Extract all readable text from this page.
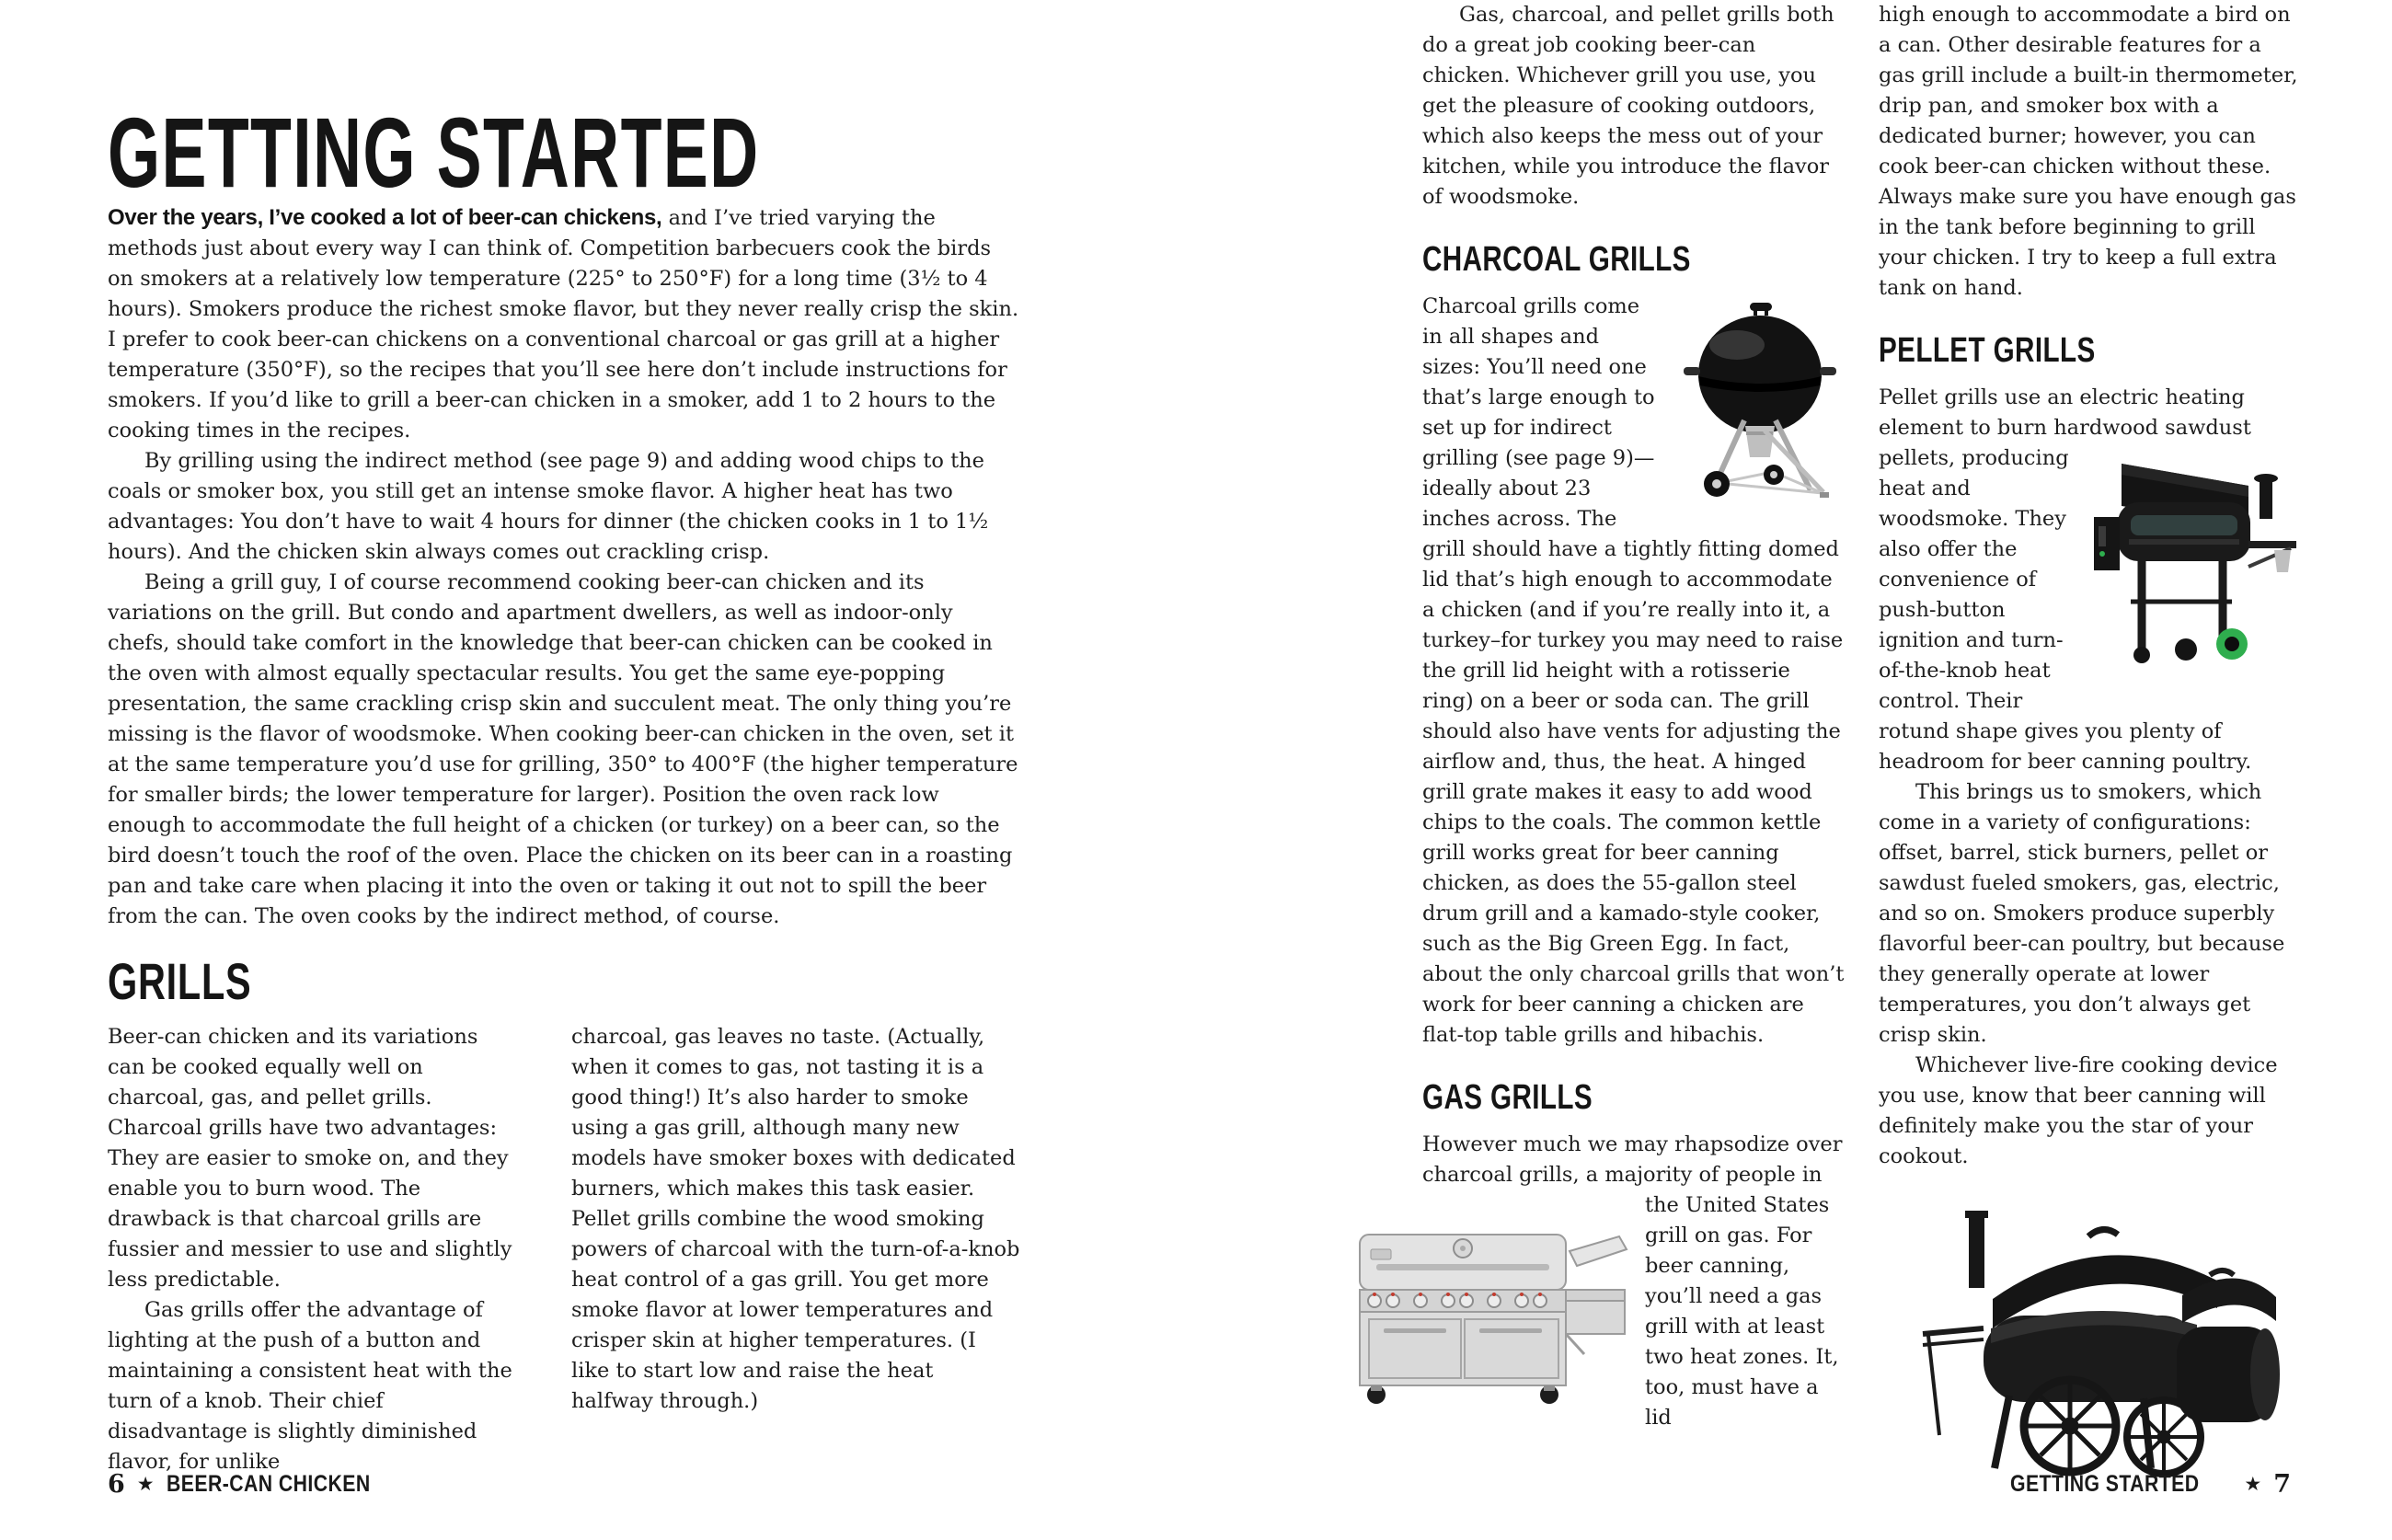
GETTING STARTED

Over the years, I’ve cooked a lot of beer-can chickens, and I’ve tried varying the methods just about every way I can think of. Competition barbecuers cook the birds on smokers at a relatively low temperature (225° to 250°F) for a long time (3½ to 4 hours). Smokers produce the richest smoke flavor, but they never really crisp the skin. I prefer to cook beer-can chickens on a conventional charcoal or gas grill at a higher temperature (350°F), so the recipes that you’ll see here don’t include instructions for smokers. If you’d like to grill a beer-can chicken in a smoker, add 1 to 2 hours to the cooking times in the recipes.

By grilling using the indirect method (see page 9) and adding wood chips to the coals or smoker box, you still get an intense smoke flavor. A higher heat has two advantages: You don’t have to wait 4 hours for dinner (the chicken cooks in 1 to 1½ hours). And the chicken skin always comes out crackling crisp.

Being a grill guy, I of course recommend cooking beer-can chicken and its variations on the grill. But condo and apartment dwellers, as well as indoor-only chefs, should take comfort in the knowledge that beer-can chicken can be cooked in the oven with almost equally spectacular results. You get the same eye-popping presentation, the same crackling crisp skin and succulent meat. The only thing you’re missing is the flavor of woodsmoke. When cooking beer-can chicken in the oven, set it at the same temperature you’d use for grilling, 350° to 400°F (the higher temperature for smaller birds; the lower temperature for larger). Position the oven rack low enough to accommodate the full height of a chicken (or turkey) on a beer can, so the bird doesn’t touch the roof of the oven. Place the chicken on its beer can in a roasting pan and take care when placing it into the oven or taking it out not to spill the beer from the can. The oven cooks by the indirect method, of course.

GRILLS

Beer-can chicken and its variations can be cooked equally well on charcoal, gas, and pellet grills. Charcoal grills have two advantages: They are easier to smoke on, and they enable you to burn wood. The drawback is that charcoal grills are fussier and messier to use and slightly less predictable.

Gas grills offer the advantage of lighting at the push of a button and maintaining a consistent heat with the turn of a knob. Their chief disadvantage is slightly diminished flavor, for unlike

charcoal, gas leaves no taste. (Actually, when it comes to gas, not tasting it is a good thing!) It’s also harder to smoke using a gas grill, although many new models have smoker boxes with dedicated burners, which makes this task easier. Pellet grills combine the wood smoking powers of charcoal with the turn-of-a-knob heat control of a gas grill. You get more smoke flavor at lower temperatures and crisper skin at higher temperatures. (I like to start low and raise the heat halfway through.)

Gas, charcoal, and pellet grills both do a great job cooking beer-can chicken. Whichever grill you use, you get the pleasure of cooking outdoors, which also keeps the mess out of your kitchen, while you introduce the flavor of woodsmoke.

CHARCOAL GRILLS

Charcoal grills come in all shapes and sizes: You’ll need one that’s large enough to set up for indirect grilling (see page 9)—ideally about 23 inches across. The grill should have a tightly fitting domed lid that’s high enough to accommodate a chicken (and if you’re really into it, a turkey–for turkey you may need to raise the grill lid height with a rotisserie ring) on a beer or soda can. The grill should also have vents for adjusting the airflow and, thus, the heat. A hinged grill grate makes it easy to add wood chips to the coals. The common kettle grill works great for beer canning chicken, as does the 55-gallon steel drum grill and a kamado-style cooker, such as the Big Green Egg. In fact, about the only charcoal grills that won’t work for beer canning a chicken are flat-top table grills and hibachis.

GAS GRILLS

However much we may rhapsodize over charcoal grills, a majority of people in

the United States grill on gas. For beer canning, you’ll need a gas grill with at least two heat zones. It, too, must have a lid

high enough to accommodate a bird on a can. Other desirable features for a gas grill include a built-in thermometer, drip pan, and smoker box with a dedicated burner; however, you can cook beer-can chicken without these. Always make sure you have enough gas in the tank before beginning to grill your chicken. I try to keep a full extra tank on hand.

PELLET GRILLS

Pellet grills use an electric heating element to burn hardwood sawdust

pellets, producing heat and woodsmoke. They also offer the convenience of push-button ignition and turn-of-the-knob heat control. Their

rotund shape gives you plenty of headroom for beer canning poultry.

This brings us to smokers, which come in a variety of configurations: offset, barrel, stick burners, pellet or sawdust fueled smokers, gas, electric, and so on. Smokers produce superbly flavorful beer-can poultry, but because they generally operate at lower temperatures, you don’t always get crisp skin.

Whichever live-fire cooking device you use, know that beer canning will definitely make you the star of your cookout.

6 ★ BEER-CAN CHICKEN	GETTING STARTED	★ 7
